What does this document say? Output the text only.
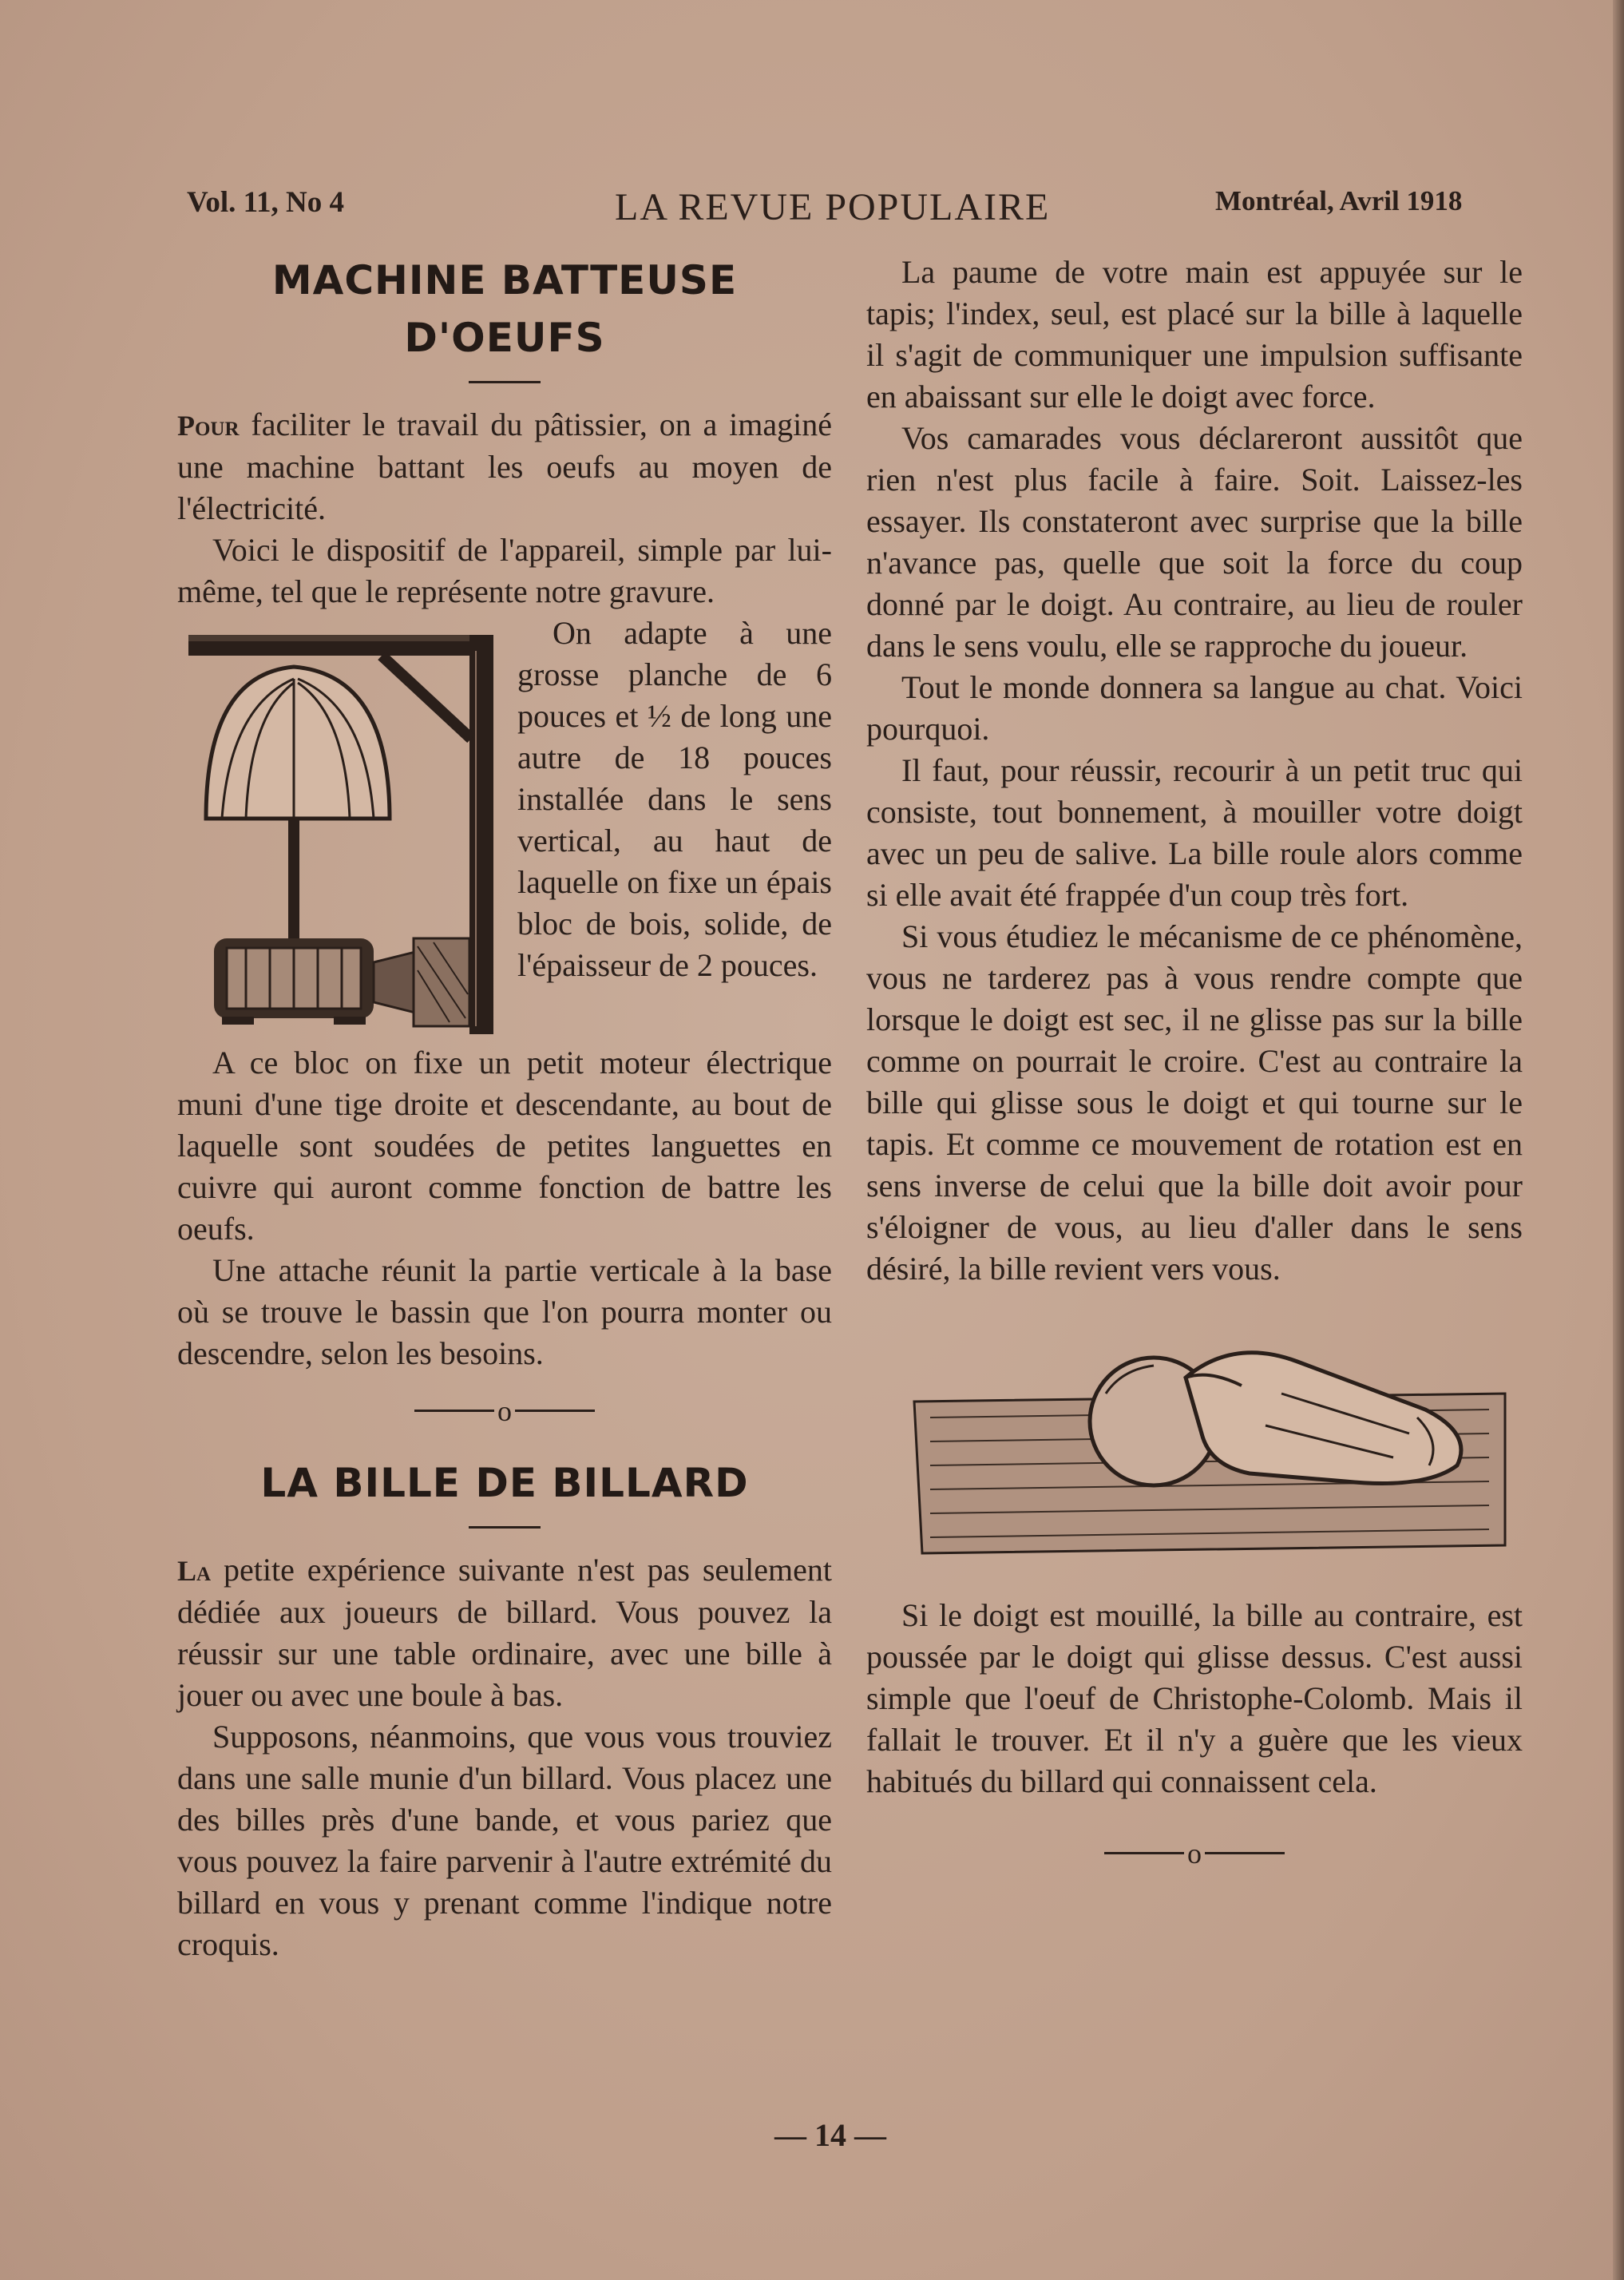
Vol. 11, No 4	LA REVUE POPULAIRE	Montréal, Avril 1918
MACHINE BATTEUSE D'OEUFS

Pour faciliter le travail du pâtissier, on a imaginé une machine battant les oeufs au moyen de l'électricité.

Voici le dispositif de l'appareil, simple par lui-même, tel que le représente notre gravure.

On adapte à une grosse planche de 6 pouces et ½ de long une autre de 18 pouces installée dans le sens vertical, au haut de laquelle on fixe un épais bloc de bois, solide, de l'épaisseur de 2 pouces.

A ce bloc on fixe un petit moteur électrique muni d'une tige droite et descendante, au bout de laquelle sont soudées de petites languettes en cuivre qui auront comme fonction de battre les oeufs.

Une attache réunit la partie verticale à la base où se trouve le bassin que l'on pourra monter ou descendre, selon les besoins.

o
LA BILLE DE BILLARD

La petite expérience suivante n'est pas seulement dédiée aux joueurs de billard. Vous pouvez la réussir sur une table ordinaire, avec une bille à jouer ou avec une boule à bas.

Supposons, néanmoins, que vous vous trouviez dans une salle munie d'un billard. Vous placez une des billes près d'une bande, et vous pariez que vous pouvez la faire parvenir à l'autre extrémité du billard en vous y prenant comme l'indique notre croquis.

La paume de votre main est appuyée sur le tapis; l'index, seul, est placé sur la bille à laquelle il s'agit de communiquer une impulsion suffisante en abaissant sur elle le doigt avec force.

Vos camarades vous déclareront aussitôt que rien n'est plus facile à faire. Soit. Laissez-les essayer. Ils constateront avec surprise que la bille n'avance pas, quelle que soit la force du coup donné par le doigt. Au contraire, au lieu de rouler dans le sens voulu, elle se rapproche du joueur.

Tout le monde donnera sa langue au chat. Voici pourquoi.

Il faut, pour réussir, recourir à un petit truc qui consiste, tout bonnement, à mouiller votre doigt avec un peu de salive. La bille roule alors comme si elle avait été frappée d'un coup très fort.

Si vous étudiez le mécanisme de ce phénomène, vous ne tarderez pas à vous rendre compte que lorsque le doigt est sec, il ne glisse pas sur la bille comme on pourrait le croire. C'est au contraire la bille qui glisse sous le doigt et qui tourne sur le tapis. Et comme ce mouvement de rotation est en sens inverse de celui que la bille doit avoir pour s'éloigner de vous, au lieu d'aller dans le sens désiré, la bille revient vers vous.

Si le doigt est mouillé, la bille au contraire, est poussée par le doigt qui glisse dessus. C'est aussi simple que l'oeuf de Christophe-Colomb. Mais il fallait le trouver. Et il n'y a guère que les vieux habitués du billard qui connaissent cela.

o
— 14 —
